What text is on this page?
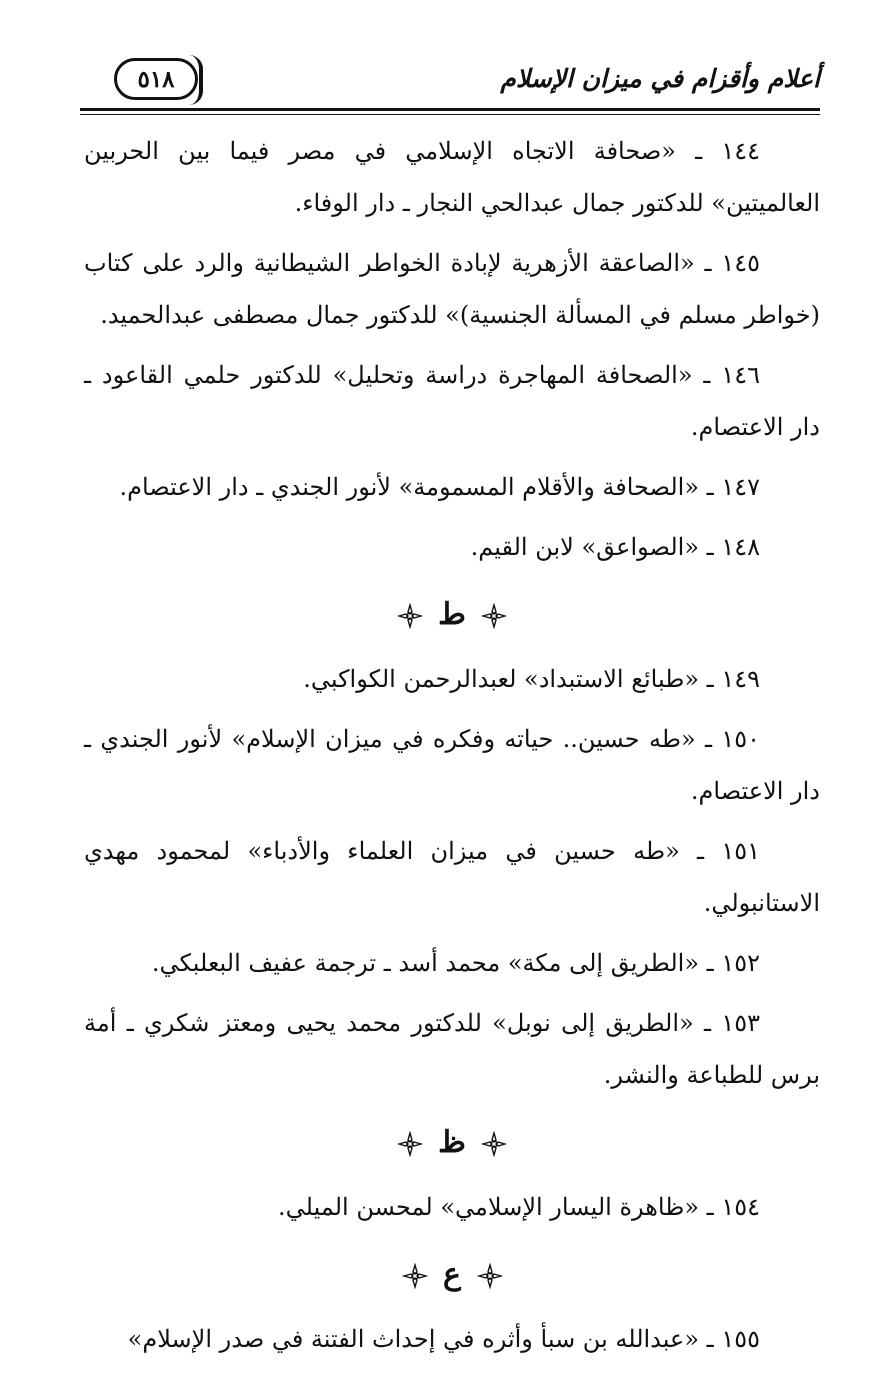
أعلام وأقزام في ميزان الإسلام
٥١٨

١٤٤ ـ «صحافة الاتجاه الإسلامي في مصر فيما بين الحربين العالميتين» للدكتور جمال عبدالحي النجار ـ دار الوفاء.

١٤٥ ـ «الصاعقة الأزهرية لإبادة الخواطر الشيطانية والرد على كتاب (خواطر مسلم في المسألة الجنسية)» للدكتور جمال مصطفى عبدالحميد.

١٤٦ ـ «الصحافة المهاجرة دراسة وتحليل» للدكتور حلمي القاعود ـ دار الاعتصام.

١٤٧ ـ «الصحافة والأقلام المسمومة» لأنور الجندي ـ دار الاعتصام.

١٤٨ ـ «الصواعق» لابن القيم.

ط

١٤٩ ـ «طبائع الاستبداد» لعبدالرحمن الكواكبي.

١٥٠ ـ «طه حسين.. حياته وفكره في ميزان الإسلام» لأنور الجندي ـ دار الاعتصام.

١٥١ ـ «طه حسين في ميزان العلماء والأدباء» لمحمود مهدي الاستانبولي.

١٥٢ ـ «الطريق إلى مكة» محمد أسد ـ ترجمة عفيف البعلبكي.

١٥٣ ـ «الطريق إلى نوبل» للدكتور محمد يحيى ومعتز شكري ـ أمة برس للطباعة والنشر.

ظ

١٥٤ ـ «ظاهرة اليسار الإسلامي» لمحسن الميلي.

ع

١٥٥ ـ «عبدالله بن سبأ وأثره في إحداث الفتنة في صدر الإسلام»
